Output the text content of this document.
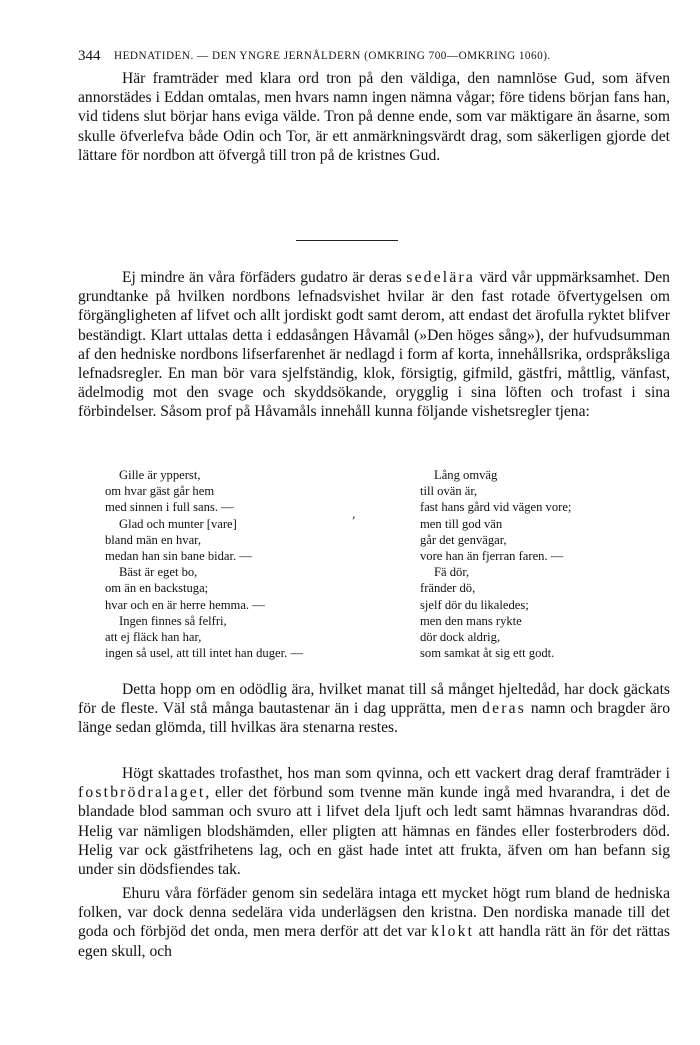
344 HEDNATIDEN. — DEN YNGRE JERNÅLDERN (OMKRING 700—OMKRING 1060).

Här framträder med klara ord tron på den väldiga, den namnlöse Gud, som äfven annorstädes i Eddan omtalas, men hvars namn ingen nämna vågar; före tidens början fans han, vid tidens slut börjar hans eviga välde. Tron på denne ende, som var mäktigare än åsarne, som skulle öfverlefva både Odin och Tor, är ett anmärkningsvärdt drag, som säkerligen gjorde det lättare för nordbon att öfvergå till tron på de kristnes Gud.

Ej mindre än våra förfäders gudatro är deras sedelära värd vår uppmärksamhet. Den grundtanke på hvilken nordbons lefnadsvishet hvilar är den fast rotade öfvertygelsen om förgängligheten af lifvet och allt jordiskt godt samt derom, att endast det ärofulla ryktet blifver beständigt. Klart uttalas detta i eddasången Håvamål (»Den höges sång»), der hufvudsumman af den hedniske nordbons lifserfarenhet är nedlagd i form af korta, innehållsrika, ordspråksliga lefnadsregler. En man bör vara sjelfständig, klok, försigtig, gifmild, gästfri, måttlig, vänfast, ädelmodig mot den svage och skyddsökande, orygglig i sina löften och trofast i sina förbindelser. Såsom prof på Håvamåls innehåll kunna följande vishetsregler tjena:

Gille är ypperst,
om hvar gäst går hem
med sinnen i full sans. —
Glad och munter [vare]
bland män en hvar,
medan han sin bane bidar. —
Bäst är eget bo,
om än en backstuga;
hvar och en är herre hemma. —
Ingen finnes så felfri,
att ej fläck han har,
ingen så usel, att till intet han duger. —
,
Lång omväg
till ovän är,
fast hans gård vid vägen vore;
men till god vän
går det genvägar,
vore han än fjerran faren. —
Fä dör,
fränder dö,
sjelf dör du likaledes;
men den mans rykte
dör dock aldrig,
som samkat åt sig ett godt.

Detta hopp om en odödlig ära, hvilket manat till så månget hjeltedåd, har dock gäckats för de fleste. Väl stå många bautastenar än i dag upprätta, men deras namn och bragder äro länge sedan glömda, till hvilkas ära stenarna restes.

Högt skattades trofasthet, hos man som qvinna, och ett vackert drag deraf framträder i fostbrödralaget, eller det förbund som tvenne män kunde ingå med hvarandra, i det de blandade blod samman och svuro att i lifvet dela ljuft och ledt samt hämnas hvarandras död. Helig var nämligen blodshämden, eller pligten att hämnas en fändes eller fosterbroders död. Helig var ock gästfrihetens lag, och en gäst hade intet att frukta, äfven om han befann sig under sin dödsfiendes tak.

Ehuru våra förfäder genom sin sedelära intaga ett mycket högt rum bland de hedniska folken, var dock denna sedelära vida underlägsen den kristna. Den nordiska manade till det goda och förbjöd det onda, men mera derför att det var klokt att handla rätt än för det rättas egen skull, och
